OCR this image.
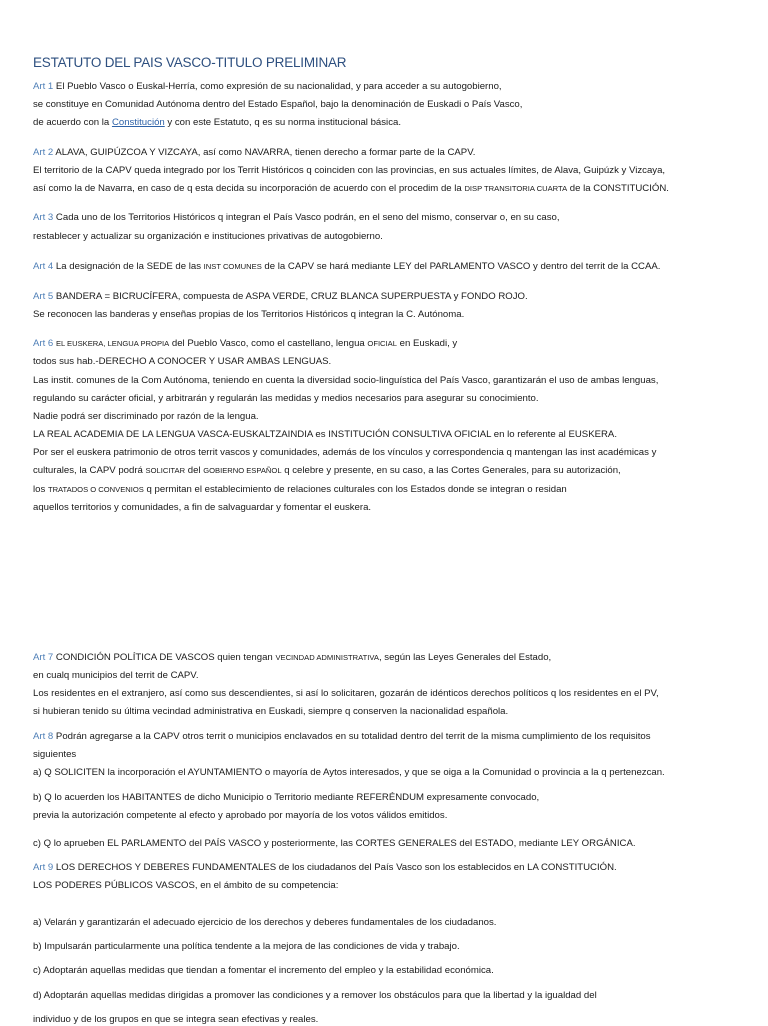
ESTATUTO DEL PAIS VASCO-TITULO PRELIMINAR
Art 1 El Pueblo Vasco o Euskal-Herría, como expresión de su nacionalidad, y para acceder a su autogobierno,
se constituye en Comunidad Autónoma dentro del Estado Español, bajo la denominación de Euskadi o País Vasco,
de acuerdo con la Constitución y con este Estatuto, q es su norma institucional básica.
Art 2 ALAVA, GUIPÚZCOA Y VIZCAYA, así como NAVARRA, tienen derecho a formar parte de la CAPV.
El territorio de la CAPV queda integrado por los Territ Históricos q coinciden con las provincias, en sus actuales límites, de Alava, Guipúzk y Vizcaya,
así como la de Navarra, en caso de q esta decida su incorporación de acuerdo con el procedim de la DISP TRANSITORIA CUARTA de la CONSTITUCIÓN.
Art 3 Cada uno de los Territorios Históricos q integran el País Vasco podrán, en el seno del mismo, conservar o, en su caso,
restablecer y actualizar su organización e instituciones privativas de autogobierno.
Art 4 La designación de la SEDE de las INST COMUNES de la CAPV se hará mediante LEY del PARLAMENTO VASCO y dentro del territ de la CCAA.
Art 5 BANDERA = BICRUCÍFERA, compuesta de ASPA VERDE, CRUZ BLANCA SUPERPUESTA y FONDO ROJO.
Se reconocen las banderas y enseñas propias de los Territorios Históricos q integran la C. Autónoma.
Art 6 EL EUSKERA, LENGUA PROPIA del Pueblo Vasco, como el castellano, lengua OFICIAL en Euskadi, y
todos sus hab.-DERECHO A CONOCER Y USAR AMBAS LENGUAS.
Las instit. comunes de la Com Autónoma, teniendo en cuenta la diversidad socio-linguística del País Vasco, garantizarán el uso de ambas lenguas,
regulando su carácter oficial, y arbitrarán y regularán las medidas y medios necesarios para asegurar su conocimiento.
Nadie podrá ser discriminado por razón de la lengua.
LA REAL ACADEMIA DE LA LENGUA VASCA-EUSKALTZAINDIA es INSTITUCIÓN CONSULTIVA OFICIAL en lo referente al EUSKERA.
Por ser el euskera patrimonio de otros territ vascos y comunidades, además de los vínculos y correspondencia q mantengan las inst académicas y
culturales, la CAPV podrá SOLICITAR del GOBIERNO ESPAÑOL q celebre y presente, en su caso, a las Cortes Generales, para su autorización,
los TRATADOS O CONVENIOS q permitan el establecimiento de relaciones culturales con los Estados donde se integran o residan
aquellos territorios y comunidades, a fin de salvaguardar y fomentar el euskera.
Art 7 CONDICIÓN POLÍTICA DE VASCOS quien tengan VECINDAD ADMINISTRATIVA, según las Leyes Generales del Estado,
en cualq municipios del territ de CAPV.
Los residentes en el extranjero, así como sus descendientes, si así lo solicitaren, gozarán de idénticos derechos políticos q los residentes en el PV,
si hubieran tenido su última vecindad administrativa en Euskadi, siempre q conserven la nacionalidad española.
Art 8 Podrán agregarse a la CAPV otros territ o municipios enclavados en su totalidad dentro del territ de la misma cumplimiento de los requisitos
siguientes
a) Q SOLICITEN la incorporación el AYUNTAMIENTO o mayoría de Aytos interesados, y que se oiga a la Comunidad o provincia a la q pertenezcan.
b) Q lo acuerden los HABITANTES de dicho Municipio o Territorio mediante REFERÉNDUM expresamente convocado,
previa la autorización competente al efecto y aprobado por mayoría de los votos válidos emitidos.
c) Q lo aprueben EL PARLAMENTO del PAÍS VASCO y posteriormente, las CORTES GENERALES del ESTADO, mediante LEY ORGÁNICA.
Art 9 LOS DERECHOS Y DEBERES FUNDAMENTALES de los ciudadanos del País Vasco son los establecidos en LA CONSTITUCIÓN.
LOS PODERES PÚBLICOS VASCOS, en el ámbito de su competencia:
a) Velarán y garantizarán el adecuado ejercicio de los derechos y deberes fundamentales de los ciudadanos.
b) Impulsarán particularmente una política tendente a la mejora de las condiciones de vida y trabajo.
c) Adoptarán aquellas medidas que tiendan a fomentar el incremento del empleo y la estabilidad económica.
d) Adoptarán aquellas medidas dirigidas a promover las condiciones y a remover los obstáculos para que la libertad y la igualdad del
individuo y de los grupos en que se integra sean efectivas y reales.
